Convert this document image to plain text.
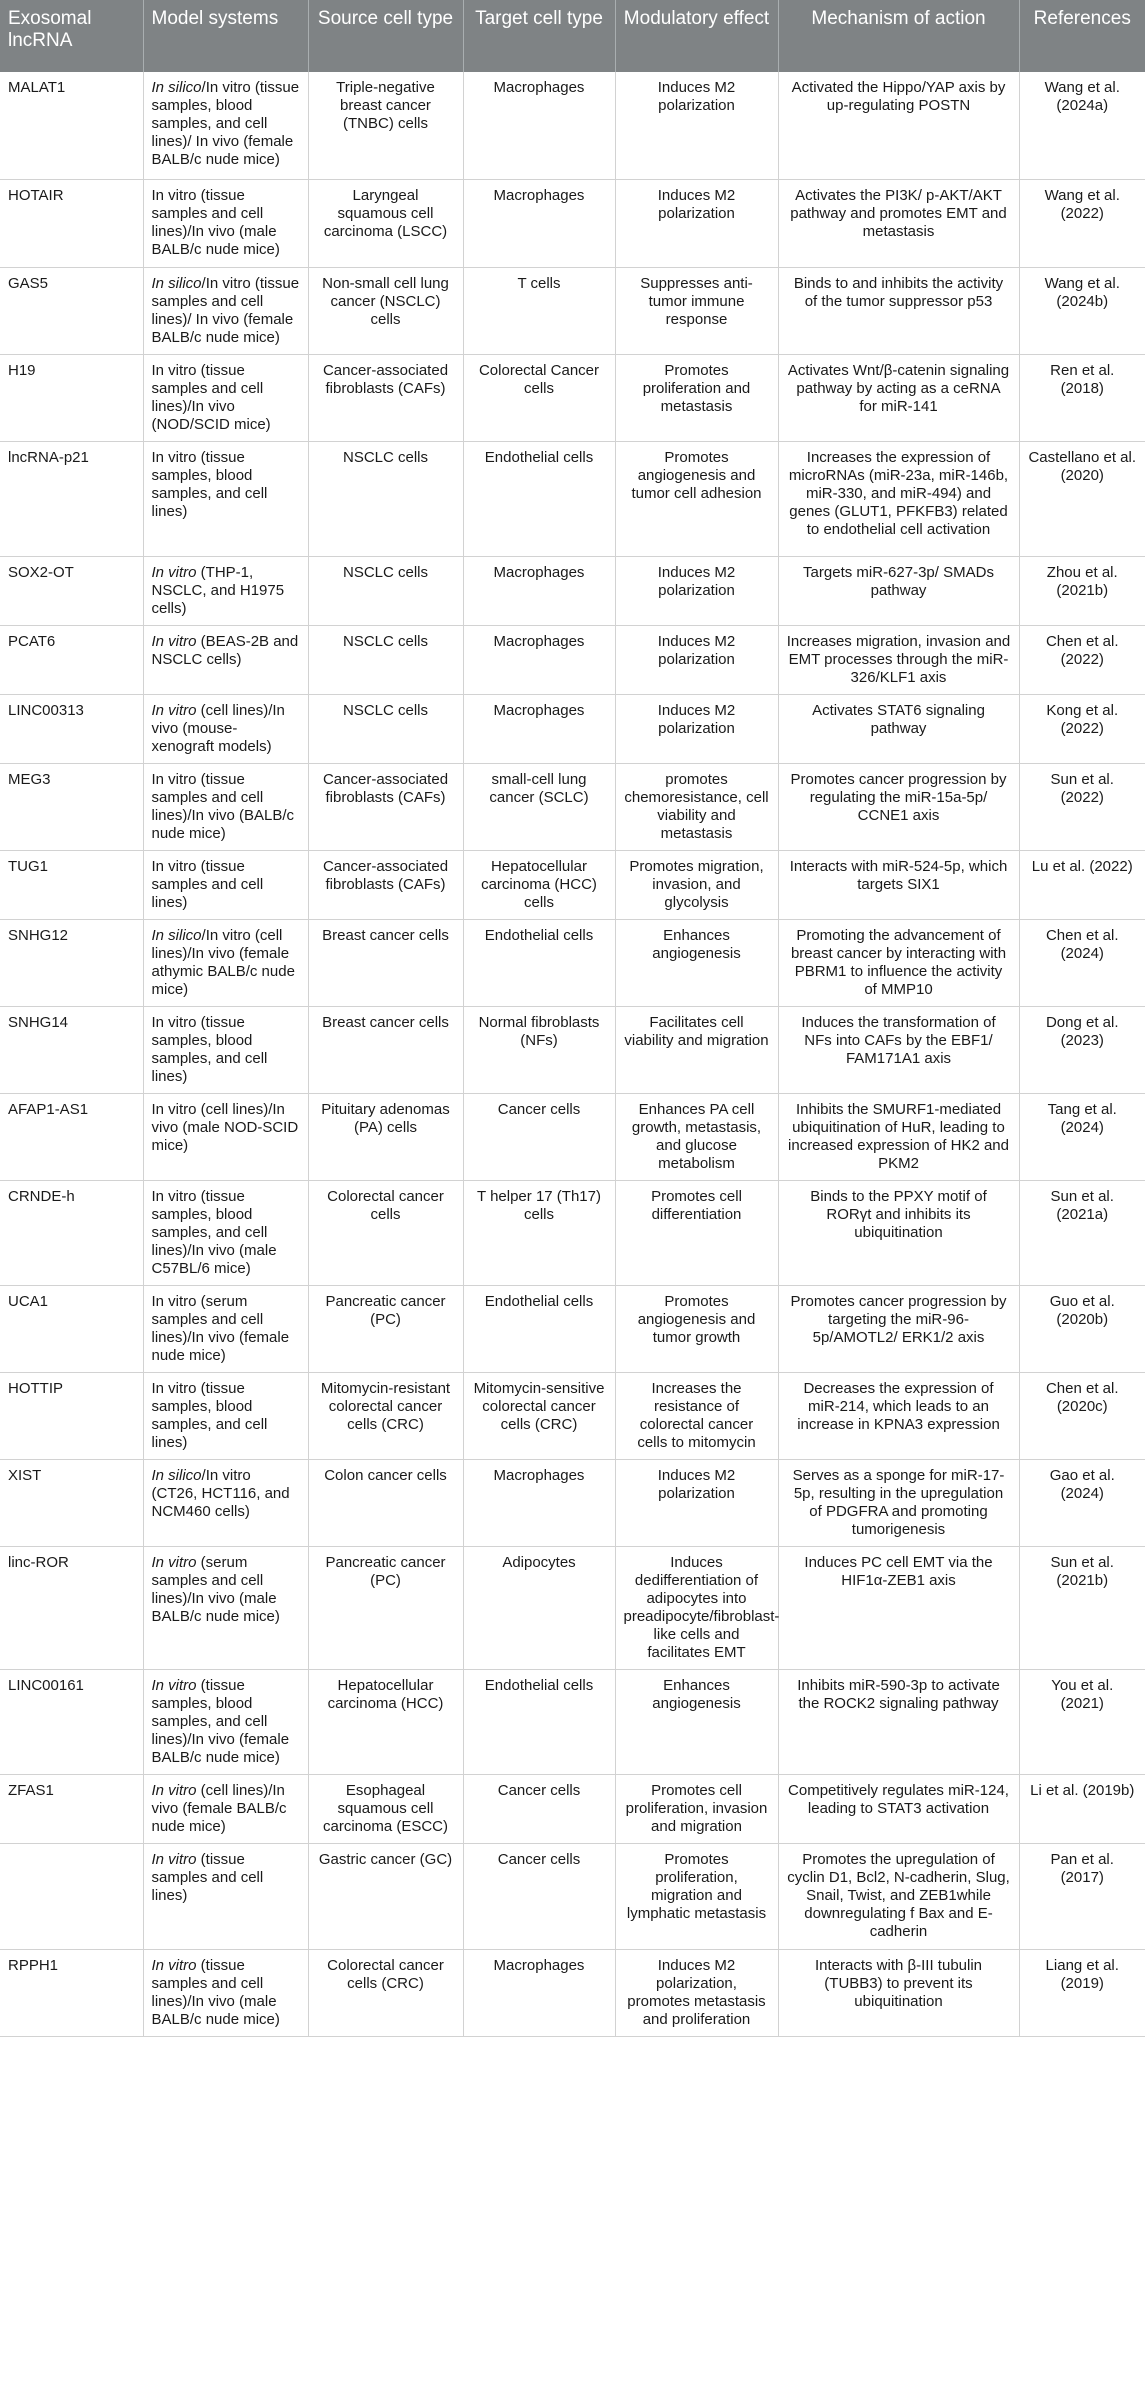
Exosomal lncRNA	Model systems	Source cell type	Target cell type	Modulatory effect	Mechanism of action	References
MALAT1	In silico/In vitro (tissue samples, blood samples, and cell lines)/ In vivo (female BALB/c nude mice)	Triple-negative breast cancer (TNBC) cells	Macrophages	Induces M2 polarization	Activated the Hippo/YAP axis by up-regulating POSTN	Wang et al. (2024a)
HOTAIR	In vitro (tissue samples and cell lines)/In vivo (male BALB/c nude mice)	Laryngeal squamous cell carcinoma (LSCC)	Macrophages	Induces M2 polarization	Activates the PI3K/ p-AKT/AKT pathway and promotes EMT and metastasis	Wang et al. (2022)
GAS5	In silico/In vitro (tissue samples and cell lines)/ In vivo (female BALB/c nude mice)	Non-small cell lung cancer (NSCLC) cells	T cells	Suppresses anti-tumor immune response	Binds to and inhibits the activity of the tumor suppressor p53	Wang et al. (2024b)
H19	In vitro (tissue samples and cell lines)/In vivo (NOD/SCID mice)	Cancer-associated fibroblasts (CAFs)	Colorectal Cancer cells	Promotes proliferation and metastasis	Activates Wnt/β-catenin signaling pathway by acting as a ceRNA for miR-141	Ren et al. (2018)
lncRNA-p21	In vitro (tissue samples, blood samples, and cell lines)	NSCLC cells	Endothelial cells	Promotes angiogenesis and tumor cell adhesion	Increases the expression of microRNAs (miR-23a, miR-146b, miR-330, and miR-494) and genes (GLUT1, PFKFB3) related to endothelial cell activation	Castellano et al. (2020)
SOX2-OT	In vitro (THP-1, NSCLC, and H1975 cells)	NSCLC cells	Macrophages	Induces M2 polarization	Targets miR-627-3p/ SMADs pathway	Zhou et al. (2021b)
PCAT6	In vitro (BEAS-2B and NSCLC cells)	NSCLC cells	Macrophages	Induces M2 polarization	Increases migration, invasion and EMT processes through the miR-326/KLF1 axis	Chen et al. (2022)
LINC00313	In vitro (cell lines)/In vivo (mouse-xenograft models)	NSCLC cells	Macrophages	Induces M2 polarization	Activates STAT6 signaling pathway	Kong et al. (2022)
MEG3	In vitro (tissue samples and cell lines)/In vivo (BALB/c nude mice)	Cancer-associated fibroblasts (CAFs)	small-cell lung cancer (SCLC)	promotes chemoresistance, cell viability and metastasis	Promotes cancer progression by regulating the miR-15a-5p/ CCNE1 axis	Sun et al. (2022)
TUG1	In vitro (tissue samples and cell lines)	Cancer-associated fibroblasts (CAFs)	Hepatocellular carcinoma (HCC) cells	Promotes migration, invasion, and glycolysis	Interacts with miR-524-5p, which targets SIX1	Lu et al. (2022)
SNHG12	In silico/In vitro (cell lines)/In vivo (female athymic BALB/c nude mice)	Breast cancer cells	Endothelial cells	Enhances angiogenesis	Promoting the advancement of breast cancer by interacting with PBRM1 to influence the activity of MMP10	Chen et al. (2024)
SNHG14	In vitro (tissue samples, blood samples, and cell lines)	Breast cancer cells	Normal fibroblasts (NFs)	Facilitates cell viability and migration	Induces the transformation of NFs into CAFs by the EBF1/ FAM171A1 axis	Dong et al. (2023)
AFAP1-AS1	In vitro (cell lines)/In vivo (male NOD-SCID mice)	Pituitary adenomas (PA) cells	Cancer cells	Enhances PA cell growth, metastasis, and glucose metabolism	Inhibits the SMURF1-mediated ubiquitination of HuR, leading to increased expression of HK2 and PKM2	Tang et al. (2024)
CRNDE-h	In vitro (tissue samples, blood samples, and cell lines)/In vivo (male C57BL/6 mice)	Colorectal cancer cells	T helper 17 (Th17) cells	Promotes cell differentiation	Binds to the PPXY motif of RORγt and inhibits its ubiquitination	Sun et al. (2021a)
UCA1	In vitro (serum samples and cell lines)/In vivo (female nude mice)	Pancreatic cancer (PC)	Endothelial cells	Promotes angiogenesis and tumor growth	Promotes cancer progression by targeting the miR-96-5p/AMOTL2/ ERK1/2 axis	Guo et al. (2020b)
HOTTIP	In vitro (tissue samples, blood samples, and cell lines)	Mitomycin-resistant colorectal cancer cells (CRC)	Mitomycin-sensitive colorectal cancer cells (CRC)	Increases the resistance of colorectal cancer cells to mitomycin	Decreases the expression of miR-214, which leads to an increase in KPNA3 expression	Chen et al. (2020c)
XIST	In silico/In vitro (CT26, HCT116, and NCM460 cells)	Colon cancer cells	Macrophages	Induces M2 polarization	Serves as a sponge for miR-17-5p, resulting in the upregulation of PDGFRA and promoting tumorigenesis	Gao et al. (2024)
linc-ROR	In vitro (serum samples and cell lines)/In vivo (male BALB/c nude mice)	Pancreatic cancer (PC)	Adipocytes	Induces dedifferentiation of adipocytes into preadipocyte/fibroblast-like cells and facilitates EMT	Induces PC cell EMT via the HIF1α-ZEB1 axis	Sun et al. (2021b)
LINC00161	In vitro (tissue samples, blood samples, and cell lines)/In vivo (female BALB/c nude mice)	Hepatocellular carcinoma (HCC)	Endothelial cells	Enhances angiogenesis	Inhibits miR-590-3p to activate the ROCK2 signaling pathway	You et al. (2021)
ZFAS1	In vitro (cell lines)/In vivo (female BALB/c nude mice)	Esophageal squamous cell carcinoma (ESCC)	Cancer cells	Promotes cell proliferation, invasion and migration	Competitively regulates miR-124, leading to STAT3 activation	Li et al. (2019b)
	In vitro (tissue samples and cell lines)	Gastric cancer (GC)	Cancer cells	Promotes proliferation, migration and lymphatic metastasis	Promotes the upregulation of cyclin D1, Bcl2, N-cadherin, Slug, Snail, Twist, and ZEB1while downregulating f Bax and E-cadherin	Pan et al. (2017)
RPPH1	In vitro (tissue samples and cell lines)/In vivo (male BALB/c nude mice)	Colorectal cancer cells (CRC)	Macrophages	Induces M2 polarization, promotes metastasis and proliferation	Interacts with β-III tubulin (TUBB3) to prevent its ubiquitination	Liang et al. (2019)
